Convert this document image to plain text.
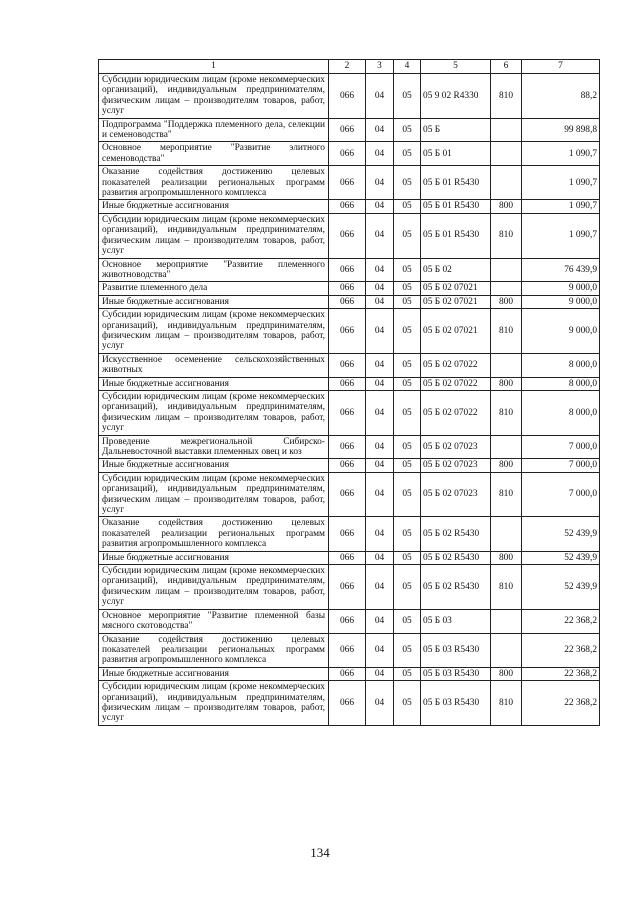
1	2	3	4	5	6	7
Субсидии юридическим лицам (кроме некоммерческих организаций), индивидуальным предпринимателям, физическим лицам – производителям товаров, работ, услуг	066	04	05	05 9 02 R4330	810	88,2
Подпрограмма "Поддержка племенного дела, селекции и семеноводства"	066	04	05	05 Б		99 898,8
Основное мероприятие "Развитие элитного семеноводства"	066	04	05	05 Б 01		1 090,7
Оказание содействия достижению целевых показателей реализации региональных программ развития агропромышленного комплекса	066	04	05	05 Б 01 R5430		1 090,7
Иные бюджетные ассигнования	066	04	05	05 Б 01 R5430	800	1 090,7
Субсидии юридическим лицам (кроме некоммерческих организаций), индивидуальным предпринимателям, физическим лицам – производителям товаров, работ, услуг	066	04	05	05 Б 01 R5430	810	1 090,7
Основное мероприятие "Развитие племенного животноводства"	066	04	05	05 Б 02		76 439,9
Развитие племенного дела	066	04	05	05 Б 02 07021		9 000,0
Иные бюджетные ассигнования	066	04	05	05 Б 02 07021	800	9 000,0
Субсидии юридическим лицам (кроме некоммерческих организаций), индивидуальным предпринимателям, физическим лицам – производителям товаров, работ, услуг	066	04	05	05 Б 02 07021	810	9 000,0
Искусственное осеменение сельскохозяйственных животных	066	04	05	05 Б 02 07022		8 000,0
Иные бюджетные ассигнования	066	04	05	05 Б 02 07022	800	8 000,0
Субсидии юридическим лицам (кроме некоммерческих организаций), индивидуальным предпринимателям, физическим лицам – производителям товаров, работ, услуг	066	04	05	05 Б 02 07022	810	8 000,0
Проведение межрегиональной Сибирско-Дальневосточной выставки племенных овец и коз	066	04	05	05 Б 02 07023		7 000,0
Иные бюджетные ассигнования	066	04	05	05 Б 02 07023	800	7 000,0
Субсидии юридическим лицам (кроме некоммерческих организаций), индивидуальным предпринимателям, физическим лицам – производителям товаров, работ, услуг	066	04	05	05 Б 02 07023	810	7 000,0
Оказание содействия достижению целевых показателей реализации региональных программ развития агропромышленного комплекса	066	04	05	05 Б 02 R5430		52 439,9
Иные бюджетные ассигнования	066	04	05	05 Б 02 R5430	800	52 439,9
Субсидии юридическим лицам (кроме некоммерческих организаций), индивидуальным предпринимателям, физическим лицам – производителям товаров, работ, услуг	066	04	05	05 Б 02 R5430	810	52 439,9
Основное мероприятие "Развитие племенной базы мясного скотоводства"	066	04	05	05 Б 03		22 368,2
Оказание содействия достижению целевых показателей реализации региональных программ развития агропромышленного комплекса	066	04	05	05 Б 03 R5430		22 368,2
Иные бюджетные ассигнования	066	04	05	05 Б 03 R5430	800	22 368,2
Субсидии юридическим лицам (кроме некоммерческих организаций), индивидуальным предпринимателям, физическим лицам – производителям товаров, работ, услуг	066	04	05	05 Б 03 R5430	810	22 368,2
134
